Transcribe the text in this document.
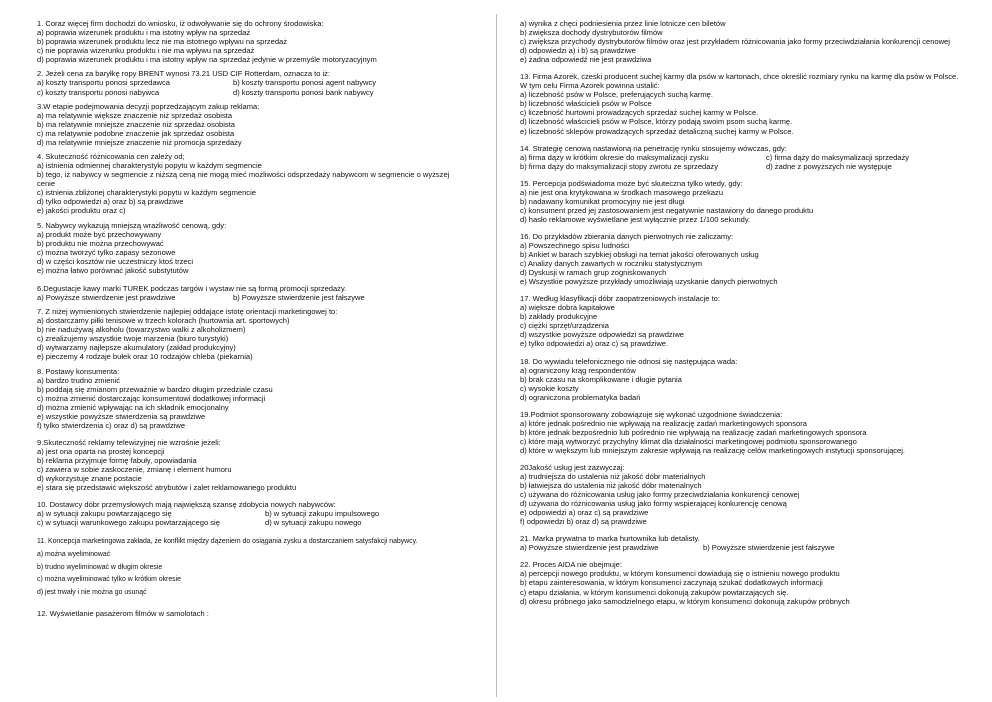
1. Coraz więcej firm dochodzi do wniosku, iż odwoływanie się do ochrony środowiska:
a) poprawia wizerunek produktu i ma istotny wpływ na sprzedaż
b) poprawia wizerunek produktu lecz nie ma istotnego wpływu na sprzedaż
c) nie poprawia wizerunku produktu i nie ma wpływu na sprzedaż
d) poprawia wizerunek produktu i ma istotny wpływ na sprzedaż jedynie w przemyśle motoryzacyjnym
2. Jeżeli cena za baryłkę ropy BRENT wynosi 73.21 USD CIF Rotterdam, oznacza to iż:
a) koszty transportu ponosi sprzedawca	b) koszty transportu ponosi agent nabywcy
c) koszty transportu ponosi nabywca	d) koszty transportu ponosi bank nabywcy
3.W etapie podejmowania decyzji poprzedzającym zakup reklama:
a) ma relatywnie większe znaczenie niż sprzedaż osobista
b) ma relatywnie mniejsze znaczenie niż sprzedaż osobista
c) ma relatywnie podobne znaczenie jak sprzedaż osobista
d) ma relatywnie mniejsze znaczenie niż promocja sprzedaży
4. Skuteczność różnicowania cen zależy od;
a) istnienia odmiennej charakterystyki popytu w każdym segmencie
b) tego, iż nabywcy w segmencie z niższą ceną nie mogą mieć możliwości odsprzedaży nabywcom w segmencie o wyższej cenie
c) istnienia zbliżonej charakterystyki popytu w każdym segmencie
d) tylko odpowiedzi a) oraz b) są prawdziwe
e) jakości produktu oraz c)
5. Nabywcy wykazują mniejszą wrażliwość cenową, gdy:
a) produkt może być przechowywany
b) produktu nie można przechowywać
c) można tworzyć tylko zapasy sezonowe
d) w części kosztów nie uczestniczy ktoś trzeci
e) można łatwo porównać jakość substytutów
6.Degustacje kawy marki TUREK podczas targów i wystaw nie są formą promocji sprzedaży.
a) Powyższe stwierdzenie jest prawdziwe	b) Powyższe stwierdzenie jest fałszywe
7. Z niżej wymienionych stwierdzenie najlepiej oddające istotę orientacji marketingowej to:
a) dostarczamy piłki tenisowe w trzech kolorach (hurtownia art. sportowych)
b) nie nadużywaj alkoholu (towarzystwo walki z alkoholizmem)
c) zrealizujemy wszystkie twoje marzenia (biuro turystyki)
d) wytwarzamy najlepsze akumulatory (zakład produkcyjny)
e) pieczemy 4 rodzaje bułek oraz 10 rodzajów chleba (piekarnia)
8. Postawy konsumenta:
a) bardzo trudno zmienić
b) poddają się zmianom przeważnie w bardzo długim przedziale czasu
c) można zmienić dostarczając konsumentowi dodatkowej informacji
d) można zmienić wpływając na ich składnik emocjonalny
e) wszystkie powyższe stwierdzenia są prawdziwe
f) tylko stwierdzenia c) oraz d) są prawdziwe
9.Skuteczność reklamy telewizyjnej nie wzrośnie jeżeli:
a) jest ona oparta na prostej koncepcji
b) reklama przyjmuje formę fabuły, opowiadania
c) zawiera w sobie zaskoczenie, zmianę i element humoru
d) wykorzystuje znane postacie
e) stara się przedstawić większość atrybutów i zalet reklamowanego produktu
10. Dostawcy dóbr przemysłowych mają największą szansę zdobycia nowych nabywców:
a) w sytuacji zakupu powtarzającego się	b) w sytuacji zakupu impulsowego
c) w sytuacji warunkowego zakupu powtarzającego się	d) w sytuacji zakupu nowego
11. Koncepcja marketingowa zakłada, że konflikt między dążeniem do osiągania zysku a dostarczaniem satysfakcji nabywcy.
a) można wyeliminować
b) trudno wyeliminować w długim okresie
c) można wyeliminować tylko w krótkim okresie
d) jest trwały i nie można go usunąć
12. Wyświetlanie pasażerom filmów w samolotach :
a) wynika z chęci podniesienia przez linie lotnicze cen biletów
b) zwiększa dochody dystrybutorów filmów
c) zwiększa przychody dystrybutorów filmów oraz jest przykładem różnicowania jako formy przeciwdziałania konkurencji cenowej
d) odpowiedzi a) i b) są prawdziwe
e) żadna odpowiedź nie jest prawdziwa
13. Firma Azorek, czeski producent suchej karmy dla psów w kartonach, chce określić rozmiary rynku na karmę dla psów w Polsce. W tym celu Firma Azorek powinna ustalić:
a) liczebność psów w Polsce, preferujących suchą karmę.
b) liczebność właścicieli psów w Polsce
c) liczebność hurtowni prowadzących sprzedaż suchej karmy w Polsce.
d) liczebność właścicieli psów w Polsce, którzy podają swoim psom suchą karmę.
e) liczebność sklepów prowadzących sprzedaż detaliczną suchej karmy w Polsce.
14. Strategię cenową nastawioną na penetrację rynku stosujemy wówczas, gdy:
a) firma dąży w krótkim okresie do maksymalizacji zysku	c) firma dąży do maksymalizacji sprzedaży
b) firma dąży do maksymalizacji stopy zwrotu ze sprzedaży	d) żadne z powyższych nie występuje
15. Percepcja podświadoma może być skuteczna tylko wtedy, gdy:
a) nie jest ona krytykowana w środkach masowego przekazu
b) nadawany komunikat promocyjny nie jest długi
c) konsument przed jej zastosowaniem jest negatywnie nastawiony do danego produktu
d) hasło reklamowe wyświetlane jest wyłącznie przez 1/100 sekundy.
16. Do przykładów zbierania danych pierwotnych nie zaliczamy:
a) Powszechnego spisu ludności
b) Ankiet w barach szybkiej obsługi na temat jakości oferowanych usług
c) Analizy danych zawartych w roczniku statystycznym
d) Dyskusji w ramach grup zogniskowanych
e) Wszystkie powyższe przykłady umożliwiają uzyskanie danych pierwotnych
17. Według klasyfikacji dóbr zaopatrzeniowych instalacje to:
a) większe dobra kapitałowe
b) zakłady produkcyjne
c) ciężki sprzęt/urządzenia
d) wszystkie powyższe odpowiedzi są prawdziwe
e) tylko odpowiedzi a) oraz c) są prawdziwe.
18. Do wywiadu telefonicznego nie odnosi się następująca wada:
a) ograniczony krąg respondentów
b) brak czasu na skomplikowane i długie pytania
c) wysokie koszty
d) ograniczona problematyka badań
19.Podmiot sponsorowany zobowiązuje się wykonać uzgodnione świadczenia:
a) które jednak pośrednio nie wpływają na realizację zadań marketingowych sponsora
b) które jednak bezpośrednio lub pośrednio nie wpływają na realizację zadań marketingowych sponsora
c) które mają wytworzyć przychylny klimat dla działalności marketingowej podmiotu sponsorowanego
d) które w większym lub mniejszym zakresie wpływają na realizację celów marketingowych instytucji sponsorującej.
20Jakość usług jest zazwyczaj:
a) trudniejsza do ustalenia niż jakość dóbr materialnych
b) łatwiejsza do ustalenia niż jakość dóbr materialnych
c) używana do różnicowania usług jako formy przeciwdziałania konkurencji cenowej
d) używana do różnicowania usług jako formy wspierającej konkurencję cenową
e) odpowiedzi a) oraz c) są prawdziwe
f) odpowiedzi b) oraz d) są prawdziwe
21. Marka prywatna to marka hurtownika lub detalisty.
a) Powyższe stwierdzenie jest prawdziwe	b) Powyższe stwierdzenie jest fałszywe
22. Proces AIDA nie obejmuje:
a) percepcji nowego produktu, w którym konsumenci dowiadują się o istnieniu nowego produktu
b) etapu zainteresowania, w którym konsumenci zaczynają szukać dodatkowych informacji
c) etapu działania, w którym konsumenci dokonują zakupów powtarzających się.
d) okresu próbnego jako samodzielnego etapu, w którym konsumenci dokonują zakupów próbnych
